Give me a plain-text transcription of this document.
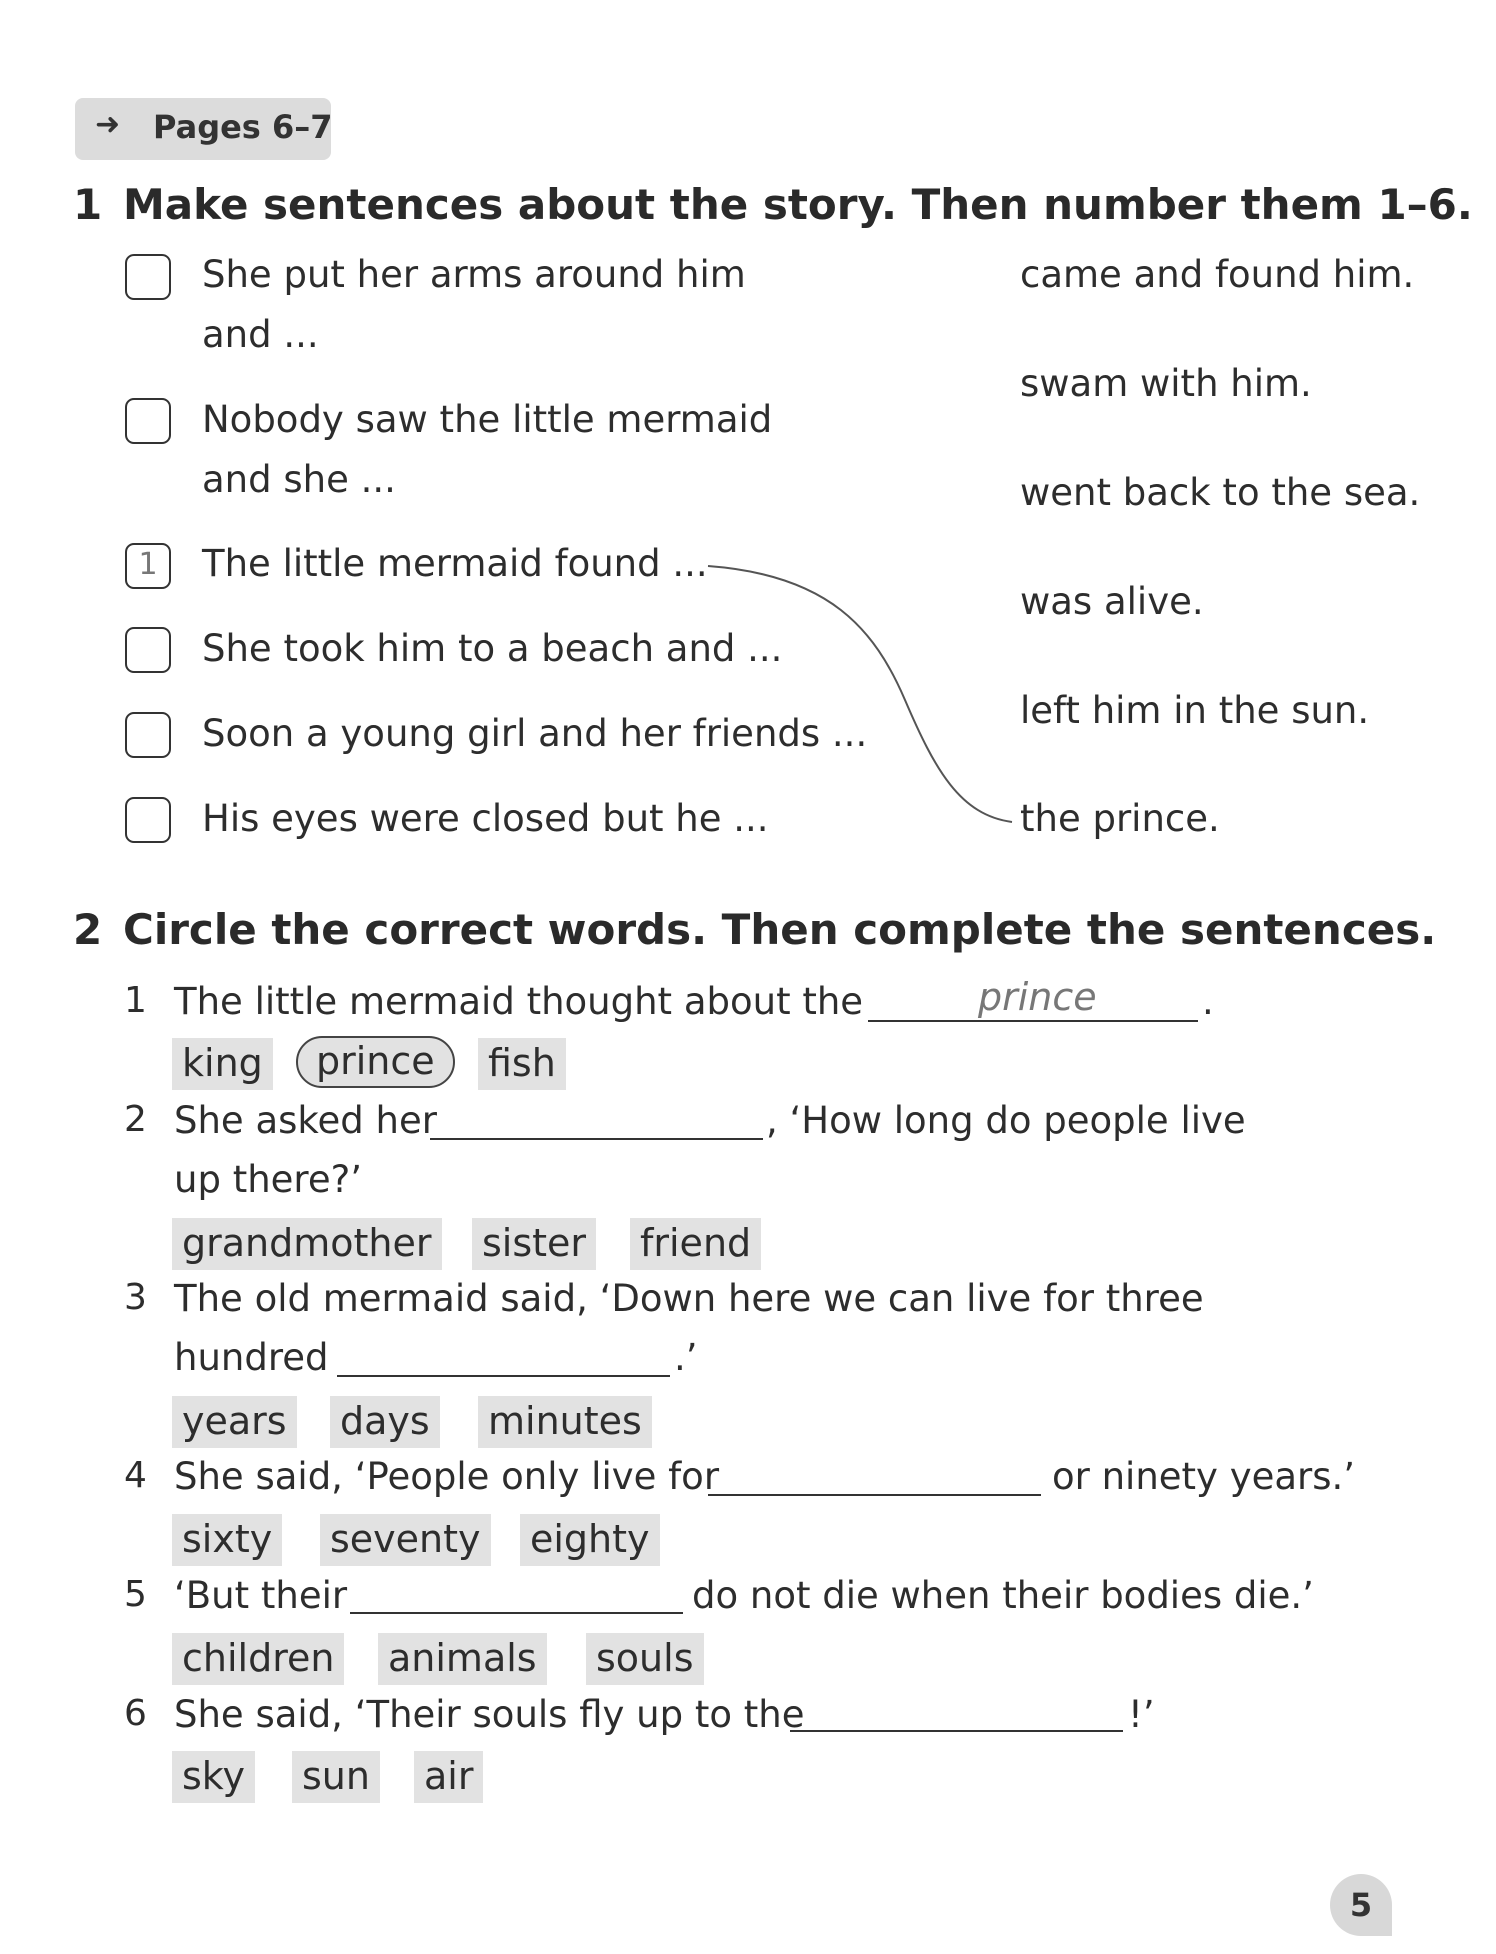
➜ Pages 6–7
1 Make sentences about the story. Then number them 1–6.
She put her arms around him
and ...
Nobody saw the little mermaid
and she ...
1	The little mermaid found ...
She took him to a beach and ...
Soon a young girl and her friends ...
His eyes were closed but he ...
came and found him.
swam with him.
went back to the sea.
was alive.
left him in the sun.
the prince.
2 Circle the correct words. Then complete the sentences.
1 The little mermaid thought about the	prince	.
king	prince	fish
2 She asked her	, ‘How long do people live
up there?’
grandmother sister friend
3 The old mermaid said, ‘Down here we can live for three
hundred	.’
years days minutes
4 She said, ‘People only live for	or ninety years.’
sixty seventy eighty
5 ‘But their	do not die when their bodies die.’
children animals souls
6 She said, ‘Their souls fly up to the	!’
sky sun air
5
